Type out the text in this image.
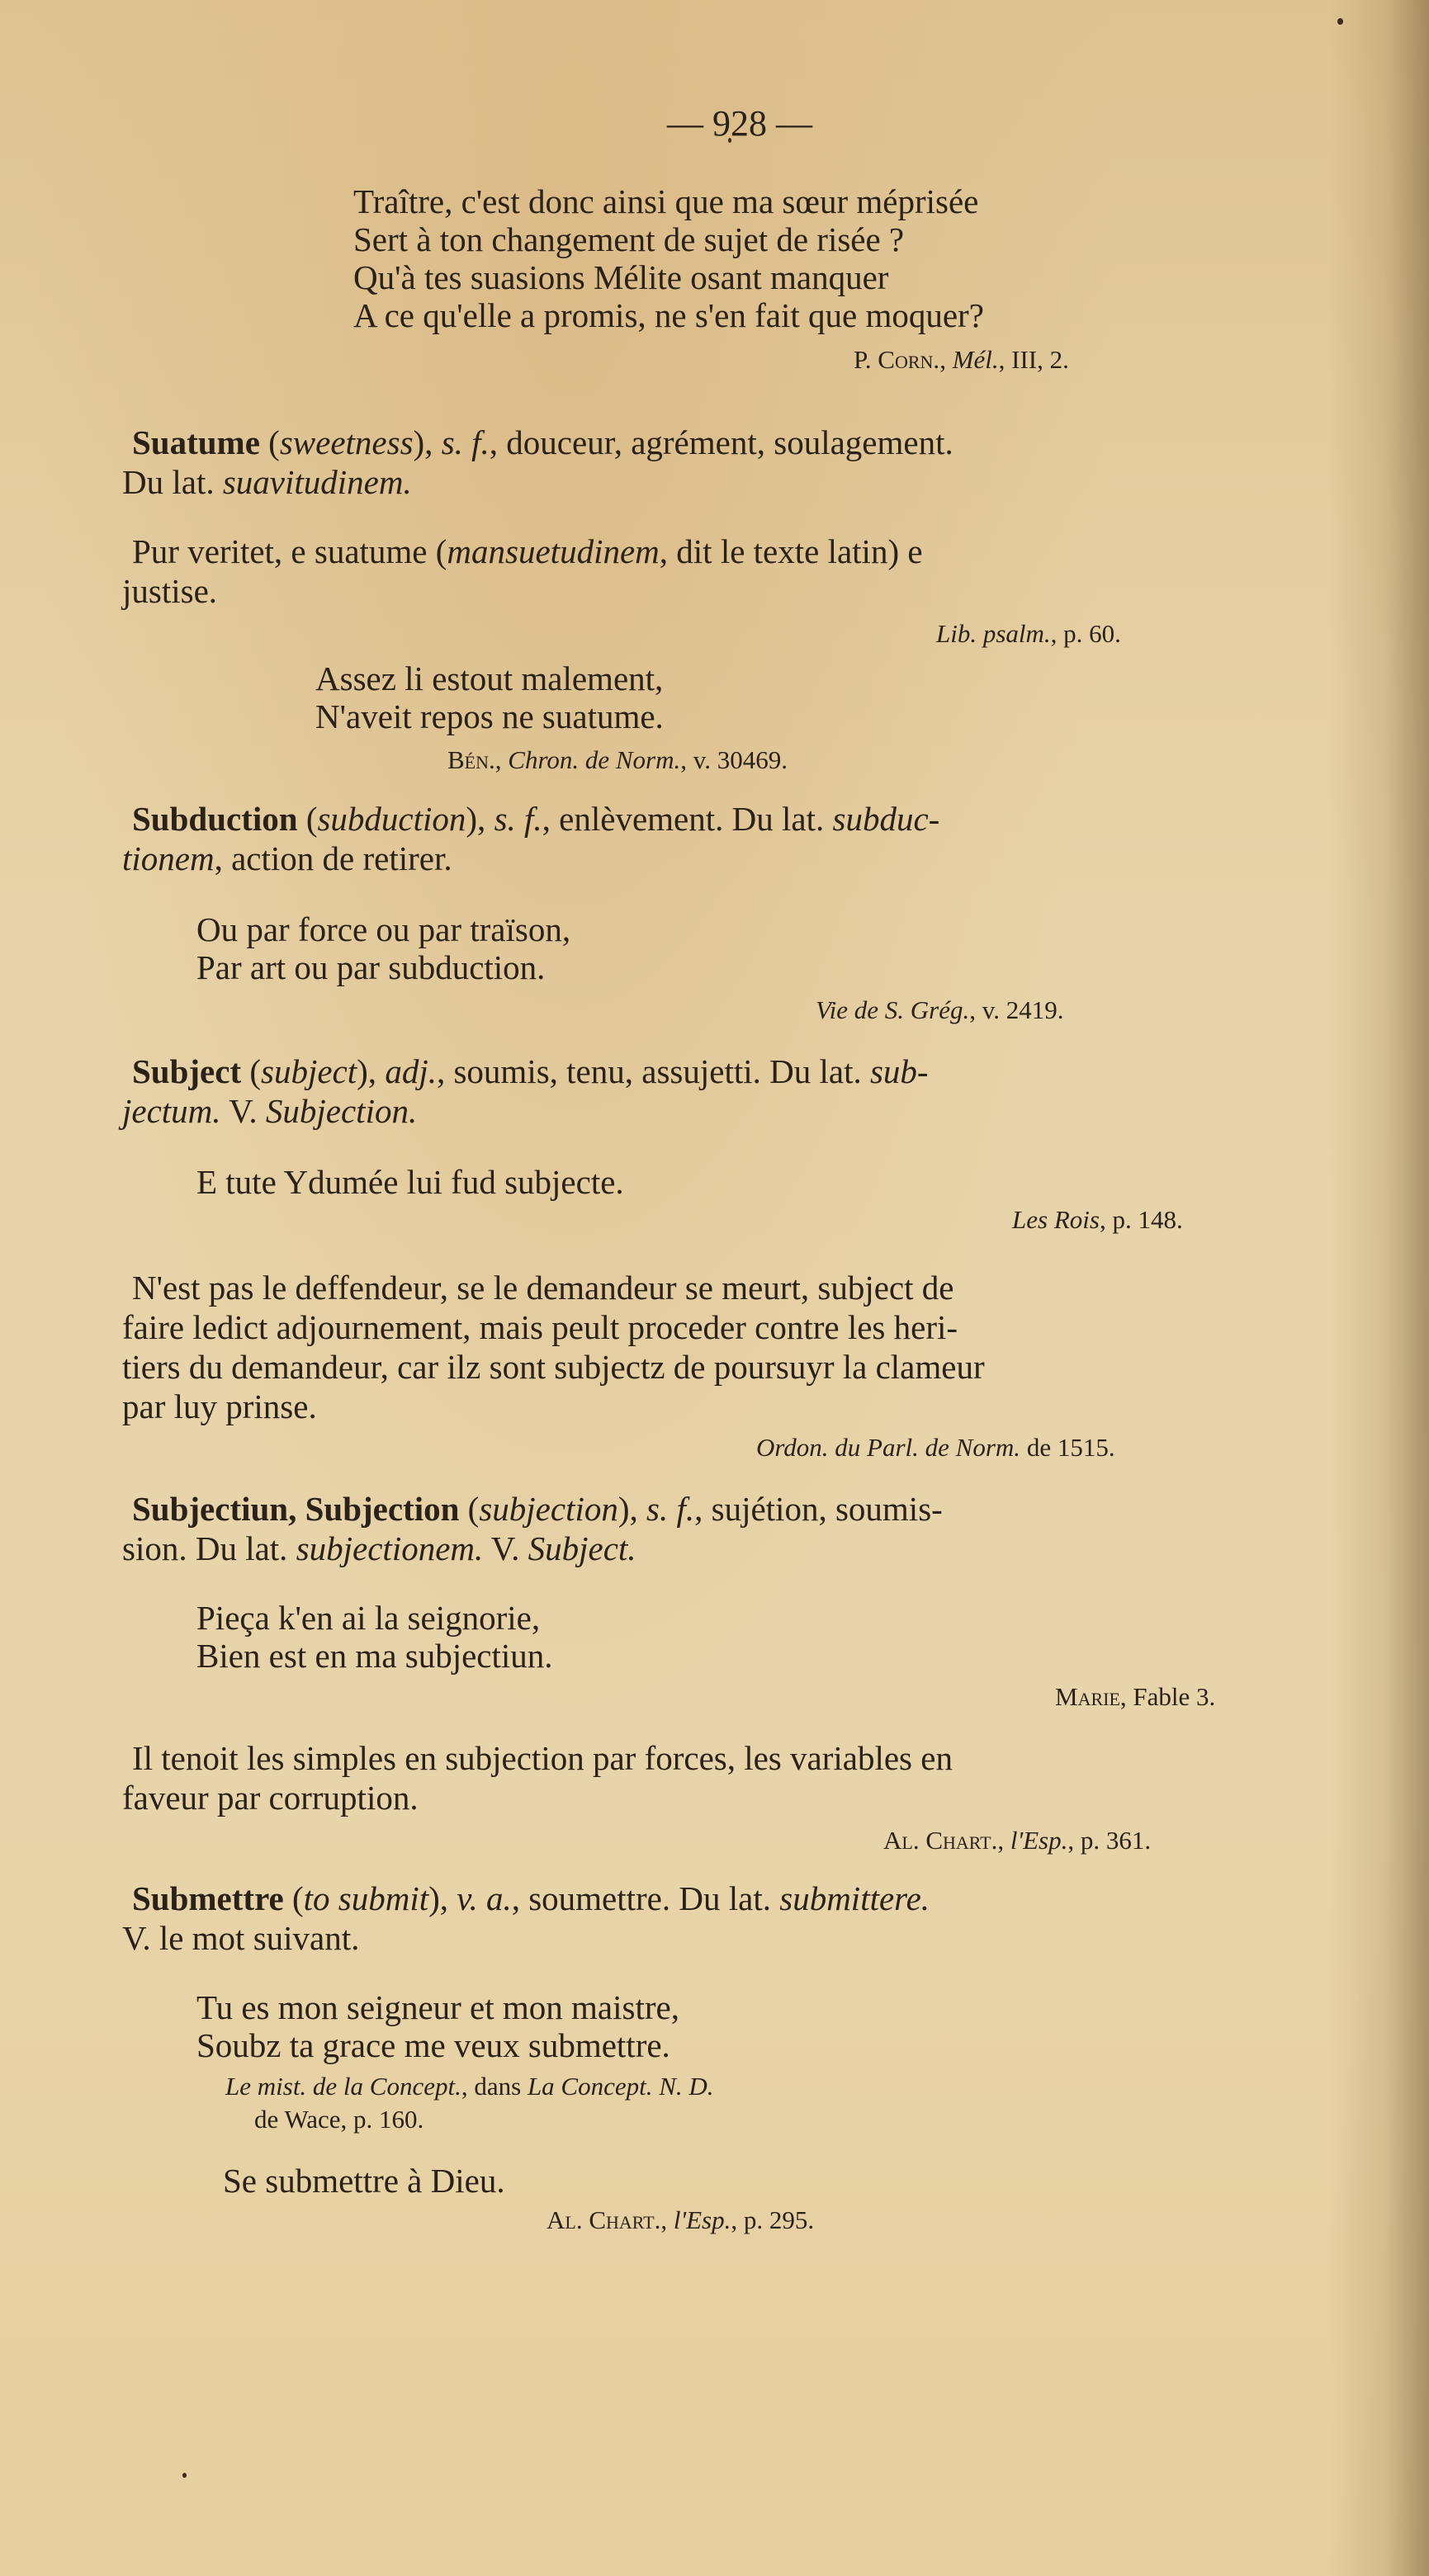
— 928 —
Traître, c'est donc ainsi que ma sœur méprisée
Sert à ton changement de sujet de risée ?
Qu'à tes suasions Mélite osant manquer
A ce qu'elle a promis, ne s'en fait que moquer?
P. Corn., Mél., III, 2.
Suatume (sweetness), s. f., douceur, agrément, soulagement.
Du lat. suavitudinem.
Pur veritet, e suatume (mansuetudinem, dit le texte latin) e
justise.
Lib. psalm., p. 60.
Assez li estout malement,
N'aveit repos ne suatume.
Bén., Chron. de Norm., v. 30469.
Subduction (subduction), s. f., enlèvement. Du lat. subduc-
tionem, action de retirer.
Ou par force ou par traïson,
Par art ou par subduction.
Vie de S. Grég., v. 2419.
Subject (subject), adj., soumis, tenu, assujetti. Du lat. sub-
jectum. V. Subjection.
E tute Ydumée lui fud subjecte.
Les Rois, p. 148.
N'est pas le deffendeur, se le demandeur se meurt, subject de
faire ledict adjournement, mais peult proceder contre les heri-
tiers du demandeur, car ilz sont subjectz de poursuyr la clameur
par luy prinse.
Ordon. du Parl. de Norm. de 1515.
Subjectiun, Subjection (subjection), s. f., sujétion, soumis-
sion. Du lat. subjectionem. V. Subject.
Pieça k'en ai la seignorie,
Bien est en ma subjectiun.
Marie, Fable 3.
Il tenoit les simples en subjection par forces, les variables en
faveur par corruption.
Al. Chart., l'Esp., p. 361.
Submettre (to submit), v. a., soumettre. Du lat. submittere.
V. le mot suivant.
Tu es mon seigneur et mon maistre,
Soubz ta grace me veux submettre.
Le mist. de la Concept., dans La Concept. N. D.
de Wace, p. 160.
Se submettre à Dieu.
Al. Chart., l'Esp., p. 295.
